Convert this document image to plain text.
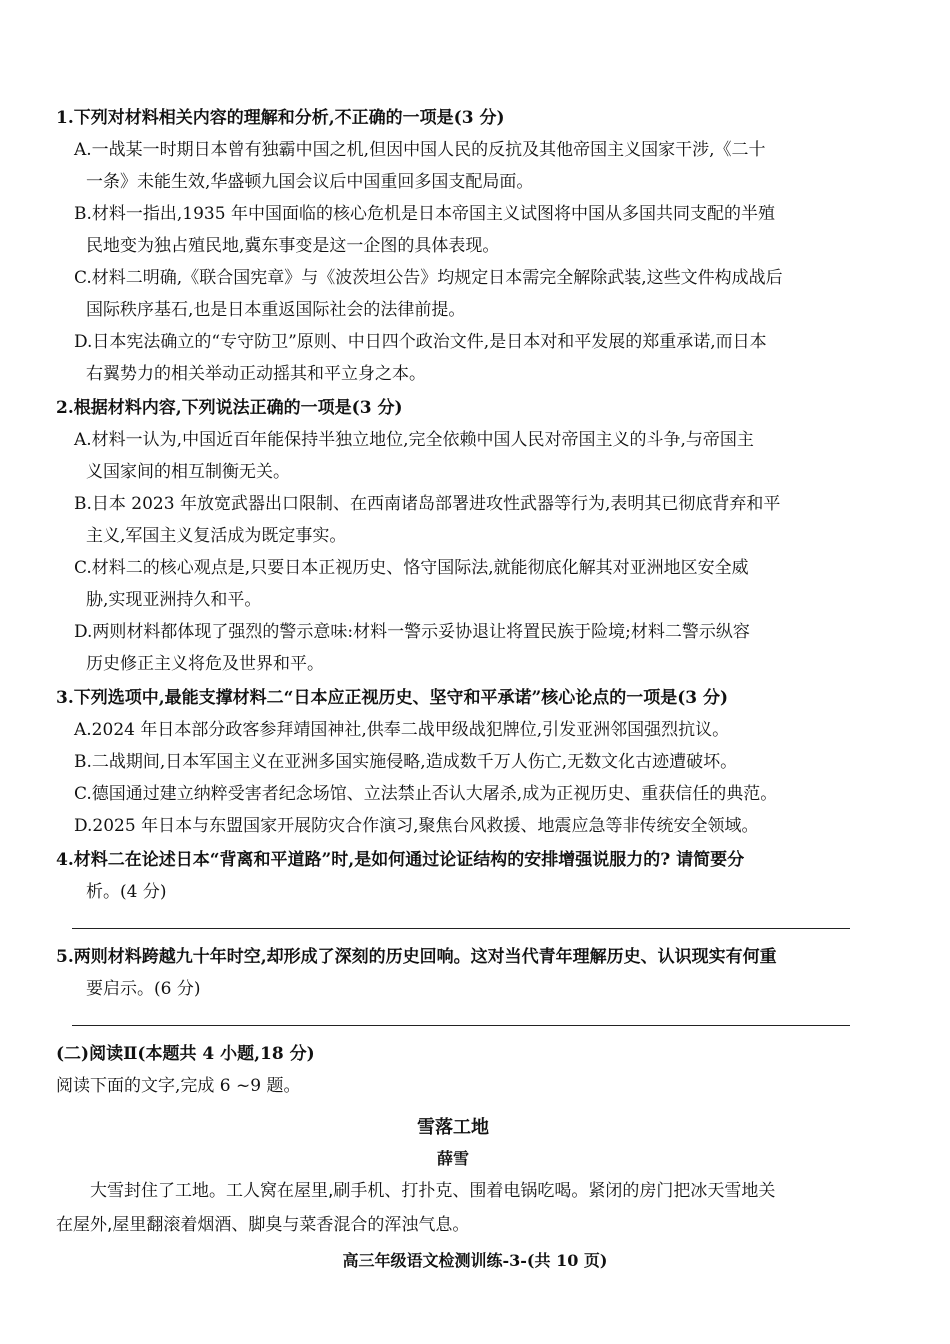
1.下列对材料相关内容的理解和分析,不正确的一项是(3 分)
A.一战某一时期日本曾有独霸中国之机,但因中国人民的反抗及其他帝国主义国家干涉,《二十
一条》未能生效,华盛顿九国会议后中国重回多国支配局面。
B.材料一指出,1935 年中国面临的核心危机是日本帝国主义试图将中国从多国共同支配的半殖
民地变为独占殖民地,冀东事变是这一企图的具体表现。
C.材料二明确,《联合国宪章》与《波茨坦公告》均规定日本需完全解除武装,这些文件构成战后
国际秩序基石,也是日本重返国际社会的法律前提。
D.日本宪法确立的“专守防卫”原则、中日四个政治文件,是日本对和平发展的郑重承诺,而日本
右翼势力的相关举动正动摇其和平立身之本。
2.根据材料内容,下列说法正确的一项是(3 分)
A.材料一认为,中国近百年能保持半独立地位,完全依赖中国人民对帝国主义的斗争,与帝国主
义国家间的相互制衡无关。
B.日本 2023 年放宽武器出口限制、在西南诸岛部署进攻性武器等行为,表明其已彻底背弃和平
主义,军国主义复活成为既定事实。
C.材料二的核心观点是,只要日本正视历史、恪守国际法,就能彻底化解其对亚洲地区安全威
胁,实现亚洲持久和平。
D.两则材料都体现了强烈的警示意味:材料一警示妥协退让将置民族于险境;材料二警示纵容
历史修正主义将危及世界和平。
3.下列选项中,最能支撑材料二“日本应正视历史、坚守和平承诺”核心论点的一项是(3 分)
A.2024 年日本部分政客参拜靖国神社,供奉二战甲级战犯牌位,引发亚洲邻国强烈抗议。
B.二战期间,日本军国主义在亚洲多国实施侵略,造成数千万人伤亡,无数文化古迹遭破坏。
C.德国通过建立纳粹受害者纪念场馆、立法禁止否认大屠杀,成为正视历史、重获信任的典范。
D.2025 年日本与东盟国家开展防灾合作演习,聚焦台风救援、地震应急等非传统安全领域。
4.材料二在论述日本“背离和平道路”时,是如何通过论证结构的安排增强说服力的? 请简要分
析。(4 分)
5.两则材料跨越九十年时空,却形成了深刻的历史回响。这对当代青年理解历史、认识现实有何重
要启示。(6 分)
(二)阅读Ⅱ(本题共 4 小题,18 分)
阅读下面的文字,完成 6 ~9 题。
雪落工地
薛雪
大雪封住了工地。工人窝在屋里,刷手机、打扑克、围着电锅吃喝。紧闭的房门把冰天雪地关
在屋外,屋里翻滚着烟酒、脚臭与菜香混合的浑浊气息。
高三年级语文检测训练-3-(共 10 页)
